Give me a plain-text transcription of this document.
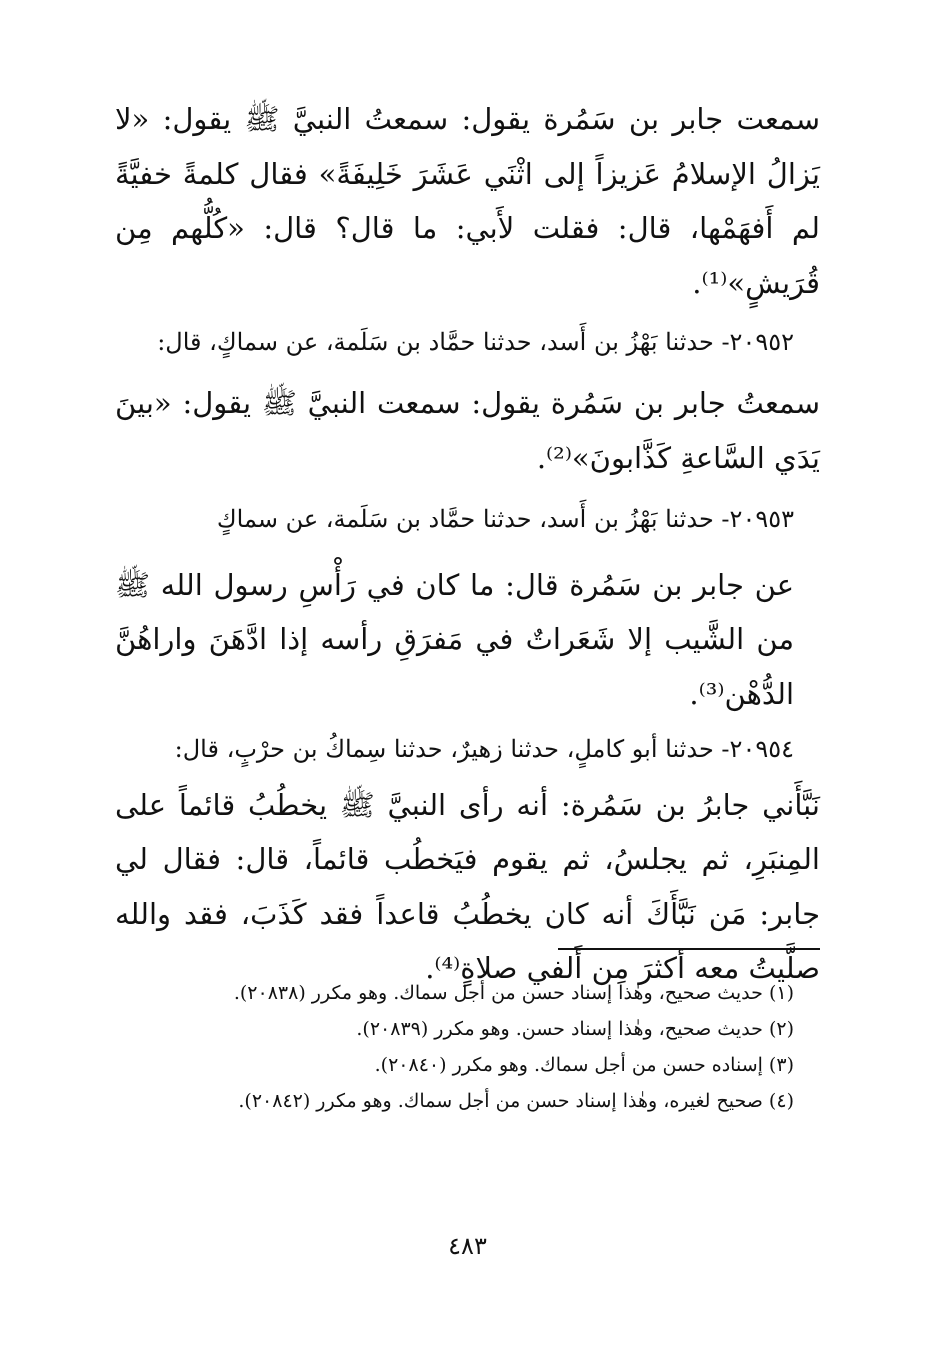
سمعت جابر بن سَمُرة يقول: سمعتُ النبيَّ ﷺ يقول: «لا يَزالُ الإسلامُ عَزيزاً إلى اثْنَي عَشَرَ خَلِيفَةً» فقال كلمةً خفيَّةً لم أَفهَمْها، قال: فقلت لأَبي: ما قال؟ قال: «كُلُّهم مِن قُرَيشٍ»⁽¹⁾.
٢٠٩٥٢- حدثنا بَهْزُ بن أَسد، حدثنا حمَّاد بن سَلَمة، عن سماكٍ، قال:
سمعتُ جابر بن سَمُرة يقول: سمعت النبيَّ ﷺ يقول: «بينَ يَدَي السَّاعةِ كَذَّابونَ»⁽²⁾.
٢٠٩٥٣- حدثنا بَهْزُ بن أَسد، حدثنا حمَّاد بن سَلَمة، عن سماكٍ
عن جابر بن سَمُرة قال: ما كان في رَأْسِ رسول الله ﷺ من الشَّيب إلا شَعَراتٌ في مَفرَقِ رأسه إذا ادَّهَنَ واراهُنَّ الدُّهْن⁽³⁾.
٢٠٩٥٤- حدثنا أبو كاملٍ، حدثنا زهيرٌ، حدثنا سِماكُ بن حرْبٍ، قال:
نَبَّأَني جابرُ بن سَمُرة: أنه رأى النبيَّ ﷺ يخطُبُ قائماً على المِنبَرِ، ثم يجلسُ، ثم يقوم فيَخطُب قائماً، قال: فقال لي جابر: مَن نَبَّأَكَ أنه كان يخطُبُ قاعداً فقد كَذَبَ، فقد والله صلَّيتُ معه أكثرَ مِن أَلفي صلاةٍ⁽⁴⁾.
(١) حديث صحيح، وهٰذا إسناد حسن من أجل سماك. وهو مكرر (٢٠٨٣٨).
(٢) حديث صحيح، وهٰذا إسناد حسن. وهو مكرر (٢٠٨٣٩).
(٣) إسناده حسن من أجل سماك. وهو مكرر (٢٠٨٤٠).
(٤) صحيح لغيره، وهٰذا إسناد حسن من أجل سماك. وهو مكرر (٢٠٨٤٢).
٤٨٣
